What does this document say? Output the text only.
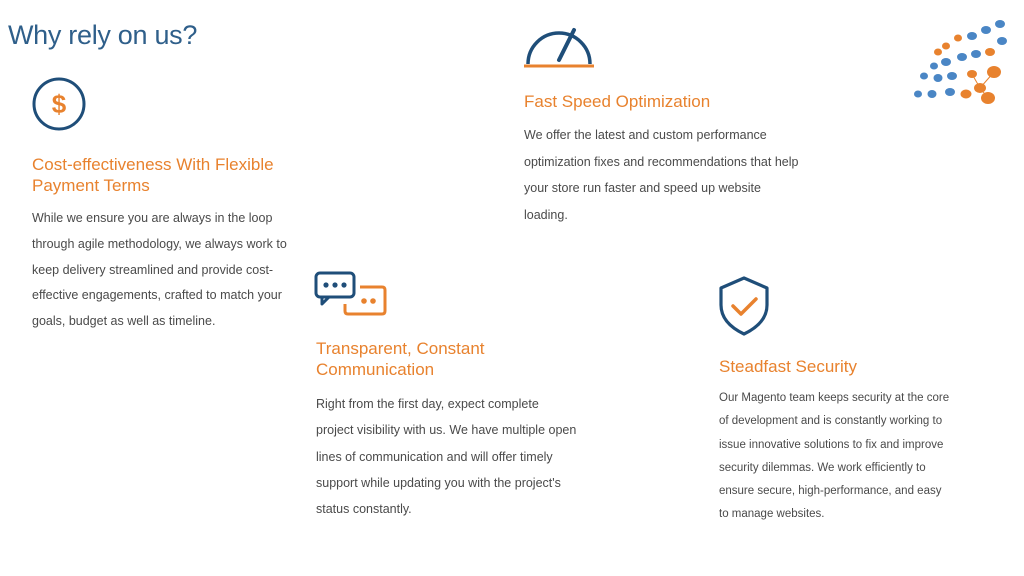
Why rely on us?
$
Cost-effectiveness With Flexible Payment Terms

While we ensure you are always in the loop through agile methodology, we always work to keep delivery streamlined and provide cost-effective engagements, crafted to match your goals, budget as well as timeline.

Fast Speed Optimization

We offer the latest and custom performance optimization fixes and recommendations that help your store run faster and speed up website loading.

Transparent, Constant Communication

Right from the first day, expect complete project visibility with us. We have multiple open lines of communication and will offer timely support while updating you with the project's status constantly.

Steadfast Security

Our Magento team keeps security at the core of development and is constantly working to issue innovative solutions to fix and improve security dilemmas. We work efficiently to ensure secure, high-performance, and easy to manage websites.
